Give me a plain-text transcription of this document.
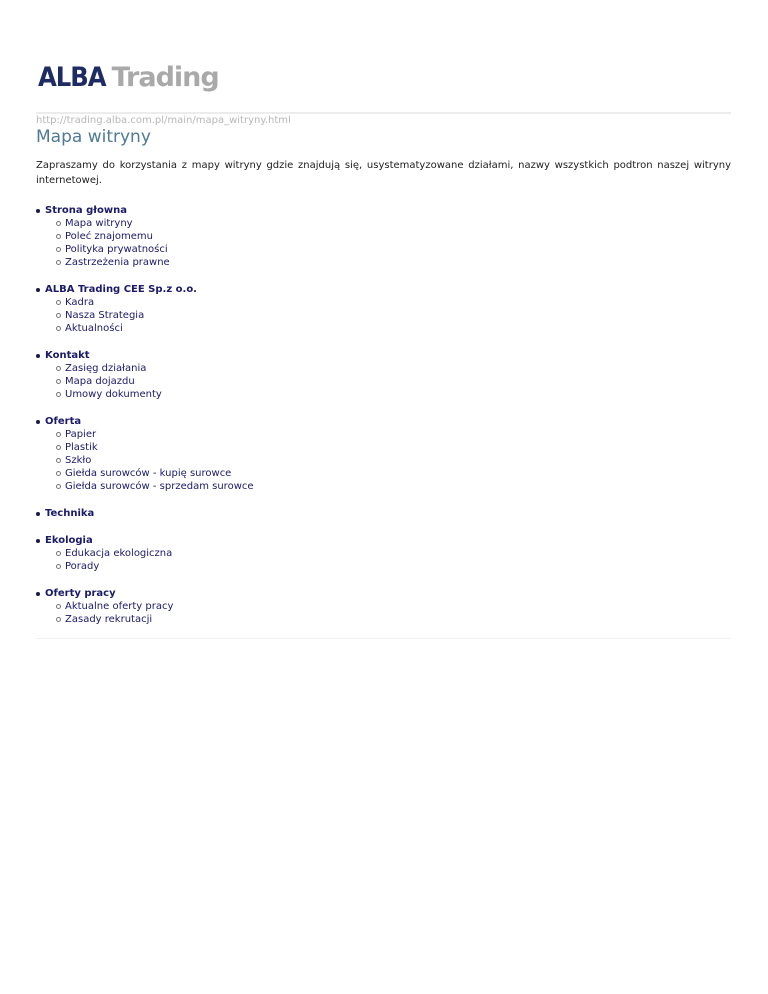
ALBA Trading
http://trading.alba.com.pl/main/mapa_witryny.html
Mapa witryny

Zapraszamy do korzystania z mapy witryny gdzie znajdują się, usystematyzowane działami, nazwy wszystkich podtron naszej witryny internetowej.

Strona głowna
Mapa witryny
Poleć znajomemu
Polityka prywatności
Zastrzeżenia prawne
ALBA Trading CEE Sp.z o.o.
Kadra
Nasza Strategia
Aktualności
Kontakt
Zasięg działania
Mapa dojazdu
Umowy dokumenty
Oferta
Papier
Plastik
Szkło
Giełda surowców - kupię surowce
Giełda surowców - sprzedam surowce
Technika
Ekologia
Edukacja ekologiczna
Porady
Oferty pracy
Aktualne oferty pracy
Zasady rekrutacji
